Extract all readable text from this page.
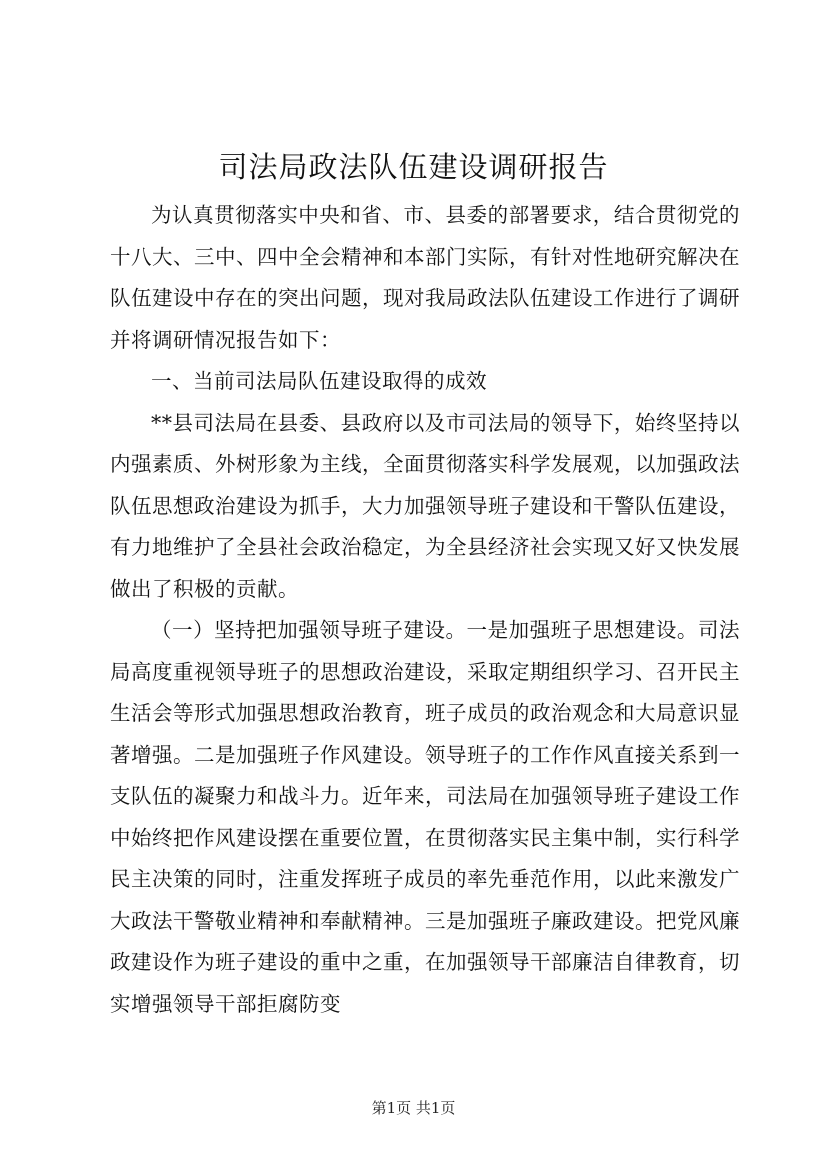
司法局政法队伍建设调研报告

为认真贯彻落实中央和省、市、县委的部署要求，结合贯彻党的十八大、三中、四中全会精神和本部门实际，有针对性地研究解决在队伍建设中存在的突出问题，现对我局政法队伍建设工作进行了调研并将调研情况报告如下：

一、当前司法局队伍建设取得的成效

**县司法局在县委、县政府以及市司法局的领导下，始终坚持以内强素质、外树形象为主线，全面贯彻落实科学发展观，以加强政法队伍思想政治建设为抓手，大力加强领导班子建设和干警队伍建设，有力地维护了全县社会政治稳定，为全县经济社会实现又好又快发展做出了积极的贡献。

（一）坚持把加强领导班子建设。一是加强班子思想建设。司法局高度重视领导班子的思想政治建设，采取定期组织学习、召开民主生活会等形式加强思想政治教育，班子成员的政治观念和大局意识显著增强。二是加强班子作风建设。领导班子的工作作风直接关系到一支队伍的凝聚力和战斗力。近年来，司法局在加强领导班子建设工作中始终把作风建设摆在重要位置，在贯彻落实民主集中制，实行科学民主决策的同时，注重发挥班子成员的率先垂范作用，以此来激发广大政法干警敬业精神和奉献精神。三是加强班子廉政建设。把党风廉政建设作为班子建设的重中之重，在加强领导干部廉洁自律教育，切实增强领导干部拒腐防变

第1页 共1页
